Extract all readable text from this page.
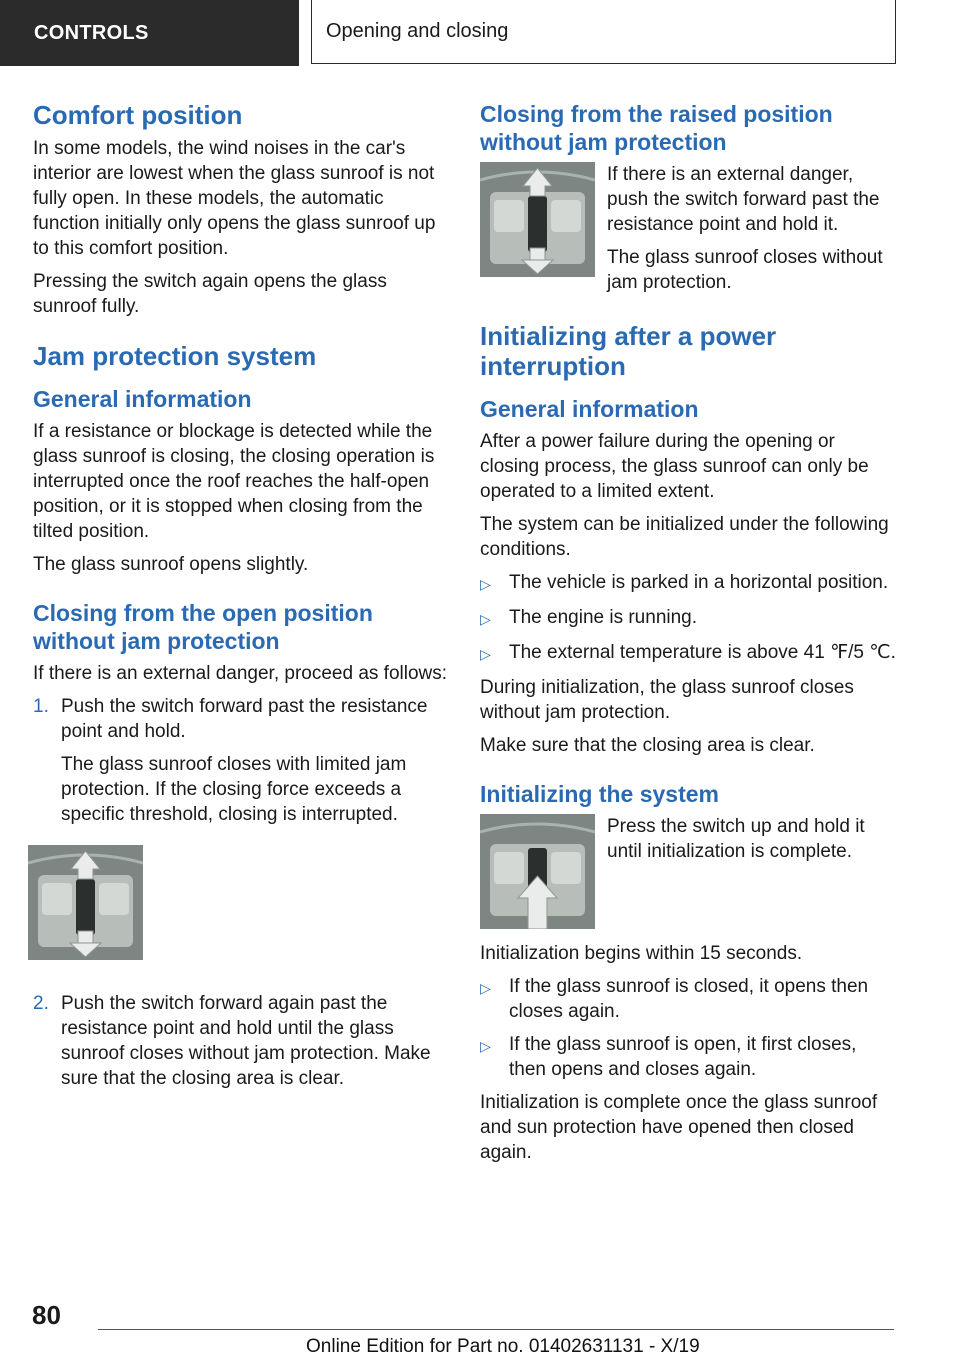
CONTROLS	Opening and closing
Comfort position

In some models, the wind noises in the car's interior are lowest when the glass sunroof is not fully open. In these models, the automatic function initially only opens the glass sunroof up to this comfort position.

Pressing the switch again opens the glass sunroof fully.

Jam protection system
General information

If a resistance or blockage is detected while the glass sunroof is closing, the closing operation is interrupted once the roof reaches the half-open position, or it is stopped when closing from the tilted position.

The glass sunroof opens slightly.

Closing from the open position without jam protection

If there is an external danger, proceed as follows:

1. Push the switch forward past the resistance point and hold.
The glass sunroof closes with limited jam protection. If the closing force exceeds a specific threshold, closing is interrupted.
2. Push the switch forward again past the resistance point and hold until the glass sunroof closes without jam protection. Make sure that the closing area is clear.
Closing from the raised position without jam protection

If there is an external danger, push the switch forward past the resistance point and hold it.

The glass sunroof closes without jam protection.

Initializing after a power interruption
General information

After a power failure during the opening or closing process, the glass sunroof can only be operated to a limited extent.

The system can be initialized under the following conditions.

▷ The vehicle is parked in a horizontal position.
▷ The engine is running.
▷ The external temperature is above 41 ℉/5 ℃.

During initialization, the glass sunroof closes without jam protection.

Make sure that the closing area is clear.

Initializing the system

Press the switch up and hold it until initialization is complete.

Initialization begins within 15 seconds.

▷ If the glass sunroof is closed, it opens then closes again.
▷ If the glass sunroof is open, it first closes, then opens and closes again.

Initialization is complete once the glass sunroof and sun protection have opened then closed again.

80
Online Edition for Part no. 01402631131 - X/19
